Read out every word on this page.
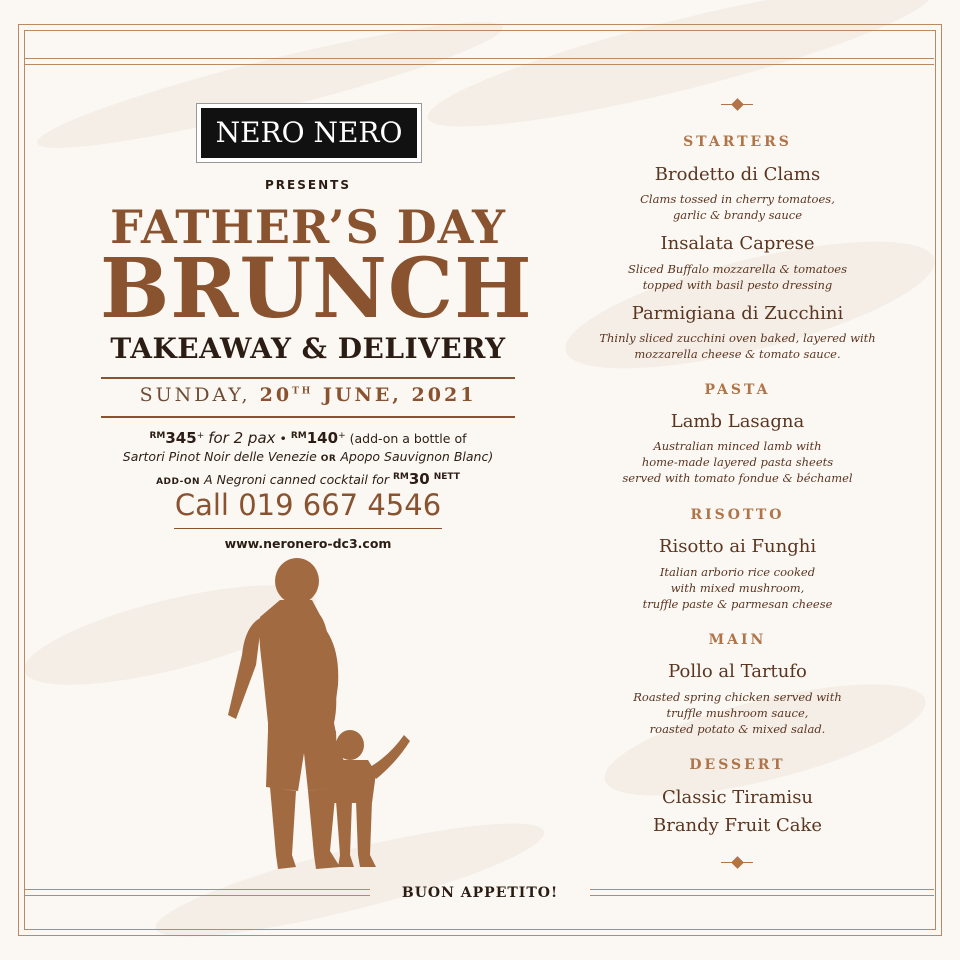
NERO NERO
PRESENTS
FATHER’S DAY
BRUNCH
TAKEAWAY & DELIVERY
SUNDAY, 20TH JUNE, 2021
$^{RM}$345+ for 2 pax • $^{RM}$140+ (add-on a bottle of
Sartori Pinot Noir delle Venezie OR Apopo Sauvignon Blanc)
ADD-ON A Negroni canned cocktail for $^{RM}$30 $^{NETT}$
Call 019 667 4546
www.neronero-dc3.com
STARTERS
Brodetto di Clams
Clams tossed in cherry tomatoes,
garlic & brandy sauce
Insalata Caprese
Sliced Buffalo mozzarella & tomatoes
topped with basil pesto dressing
Parmigiana di Zucchini
Thinly sliced zucchini oven baked, layered with
mozzarella cheese & tomato sauce.
PASTA
Lamb Lasagna
Australian minced lamb with
home-made layered pasta sheets
served with tomato fondue & béchamel
RISOTTO
Risotto ai Funghi
Italian arborio rice cooked
with mixed mushroom,
truffle paste & parmesan cheese
MAIN
Pollo al Tartufo
Roasted spring chicken served with
truffle mushroom sauce,
roasted potato & mixed salad.
DESSERT
Classic Tiramisu
Brandy Fruit Cake
BUON APPETITO!
